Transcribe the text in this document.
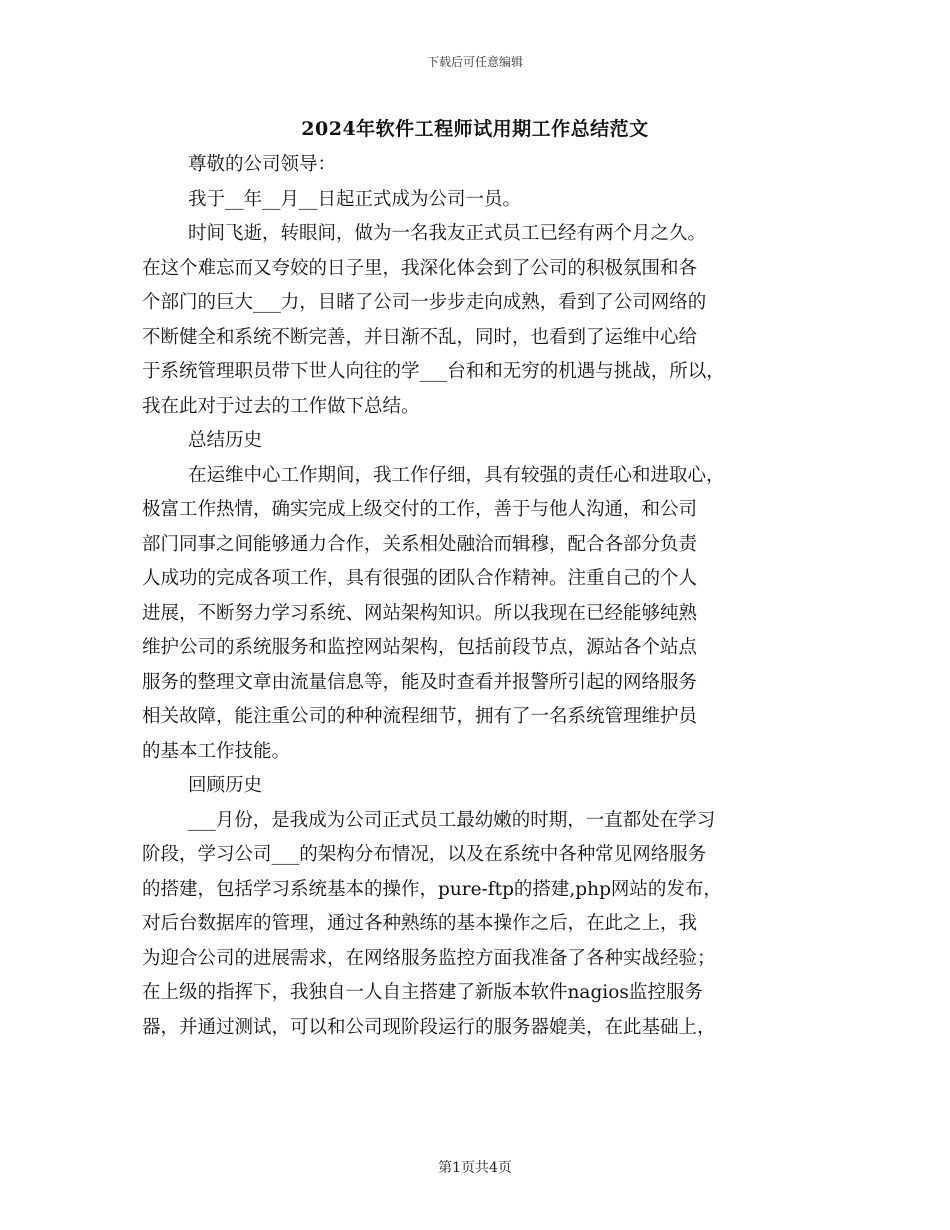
下载后可任意编辑
2024年软件工程师试用期工作总结范文
尊敬的公司领导：
我于__年__月__日起正式成为公司一员。
时间飞逝，转眼间，做为一名我友正式员工已经有两个月之久。
在这个难忘而又夸姣的日子里，我深化体会到了公司的积极氛围和各
个部门的巨大___力，目睹了公司一步步走向成熟，看到了公司网络的
不断健全和系统不断完善，并日渐不乱，同时，也看到了运维中心给
于系统管理职员带下世人向往的学___台和和无穷的机遇与挑战，所以，
我在此对于过去的工作做下总结。
总结历史
在运维中心工作期间，我工作仔细，具有较强的责任心和进取心，
极富工作热情，确实完成上级交付的工作，善于与他人沟通，和公司
部门同事之间能够通力合作，关系相处融洽而辑穆，配合各部分负责
人成功的完成各项工作，具有很强的团队合作精神。注重自己的个人
进展，不断努力学习系统、网站架构知识。所以我现在已经能够纯熟
维护公司的系统服务和监控网站架构，包括前段节点，源站各个站点
服务的整理文章由流量信息等，能及时查看并报警所引起的网络服务
相关故障，能注重公司的种种流程细节，拥有了一名系统管理维护员
的基本工作技能。
回顾历史
___月份，是我成为公司正式员工最幼嫩的时期，一直都处在学习
阶段，学习公司___的架构分布情况，以及在系统中各种常见网络服务
的搭建，包括学习系统基本的操作，pure-ftp的搭建,php网站的发布，
对后台数据库的管理，通过各种熟练的基本操作之后，在此之上，我
为迎合公司的进展需求，在网络服务监控方面我准备了各种实战经验；
在上级的指挥下，我独自一人自主搭建了新版本软件nagios监控服务
器，并通过测试，可以和公司现阶段运行的服务器媲美，在此基础上，
第1页共4页
